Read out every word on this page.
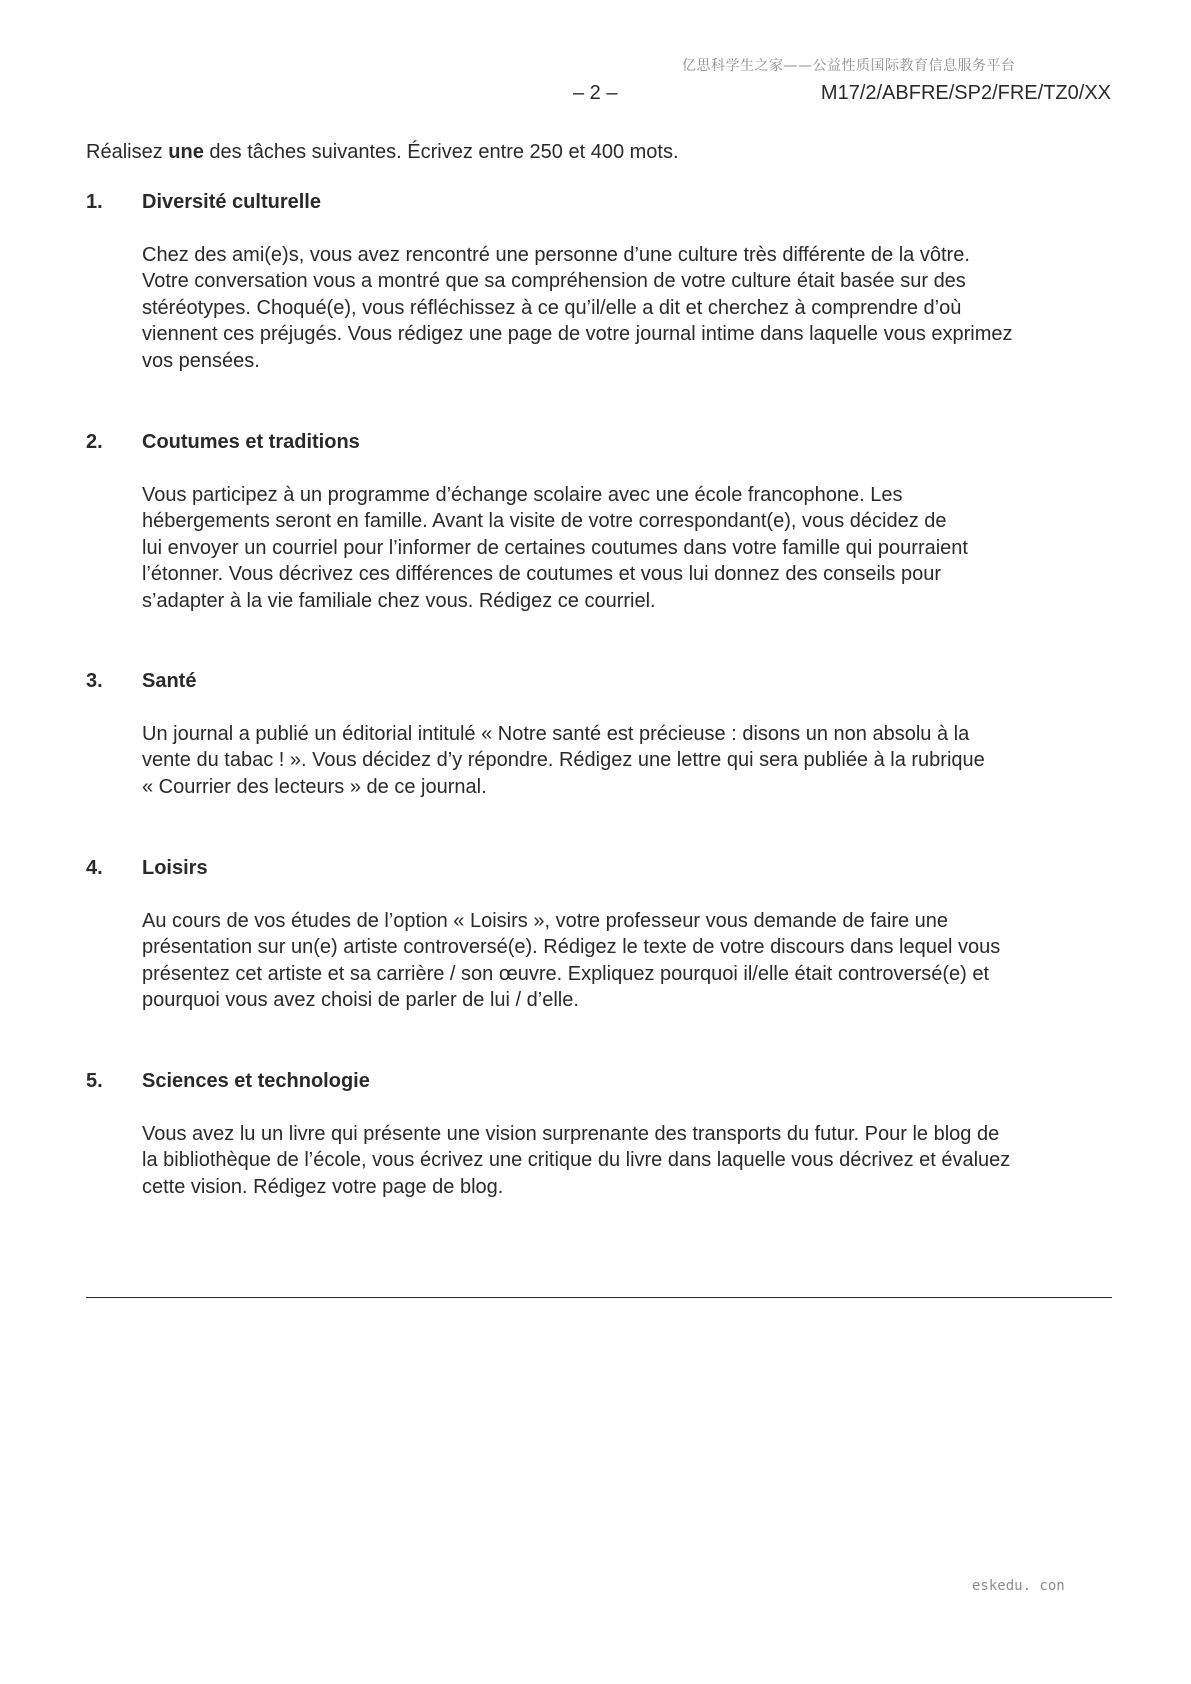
亿思科学生之家——公益性质国际教育信息服务平台
– 2 –	M17/2/ABFRE/SP2/FRE/TZ0/XX
Réalisez une des tâches suivantes. Écrivez entre 250 et 400 mots.
1.	Diversité culturelle

Chez des ami(e)s, vous avez rencontré une personne d’une culture très différente de la vôtre.

Votre conversation vous a montré que sa compréhension de votre culture était basée sur des

stéréotypes. Choqué(e), vous réfléchissez à ce qu’il/elle a dit et cherchez à comprendre d’où

viennent ces préjugés. Vous rédigez une page de votre journal intime dans laquelle vous exprimez

vos pensées.

2.	Coutumes et traditions

Vous participez à un programme d’échange scolaire avec une école francophone. Les

hébergements seront en famille. Avant la visite de votre correspondant(e), vous décidez de

lui envoyer un courriel pour l’informer de certaines coutumes dans votre famille qui pourraient

l’étonner. Vous décrivez ces différences de coutumes et vous lui donnez des conseils pour

s’adapter à la vie familiale chez vous. Rédigez ce courriel.

3.	Santé

Un journal a publié un éditorial intitulé « Notre santé est précieuse : disons un non absolu à la

vente du tabac ! ». Vous décidez d’y répondre. Rédigez une lettre qui sera publiée à la rubrique

« Courrier des lecteurs » de ce journal.

4.	Loisirs

Au cours de vos études de l’option « Loisirs », votre professeur vous demande de faire une

présentation sur un(e) artiste controversé(e). Rédigez le texte de votre discours dans lequel vous

présentez cet artiste et sa carrière / son œuvre. Expliquez pourquoi il/elle était controversé(e) et

pourquoi vous avez choisi de parler de lui / d’elle.

5.	Sciences et technologie

Vous avez lu un livre qui présente une vision surprenante des transports du futur. Pour le blog de

la bibliothèque de l’école, vous écrivez une critique du livre dans laquelle vous décrivez et évaluez

cette vision. Rédigez votre page de blog.

eskedu. con
